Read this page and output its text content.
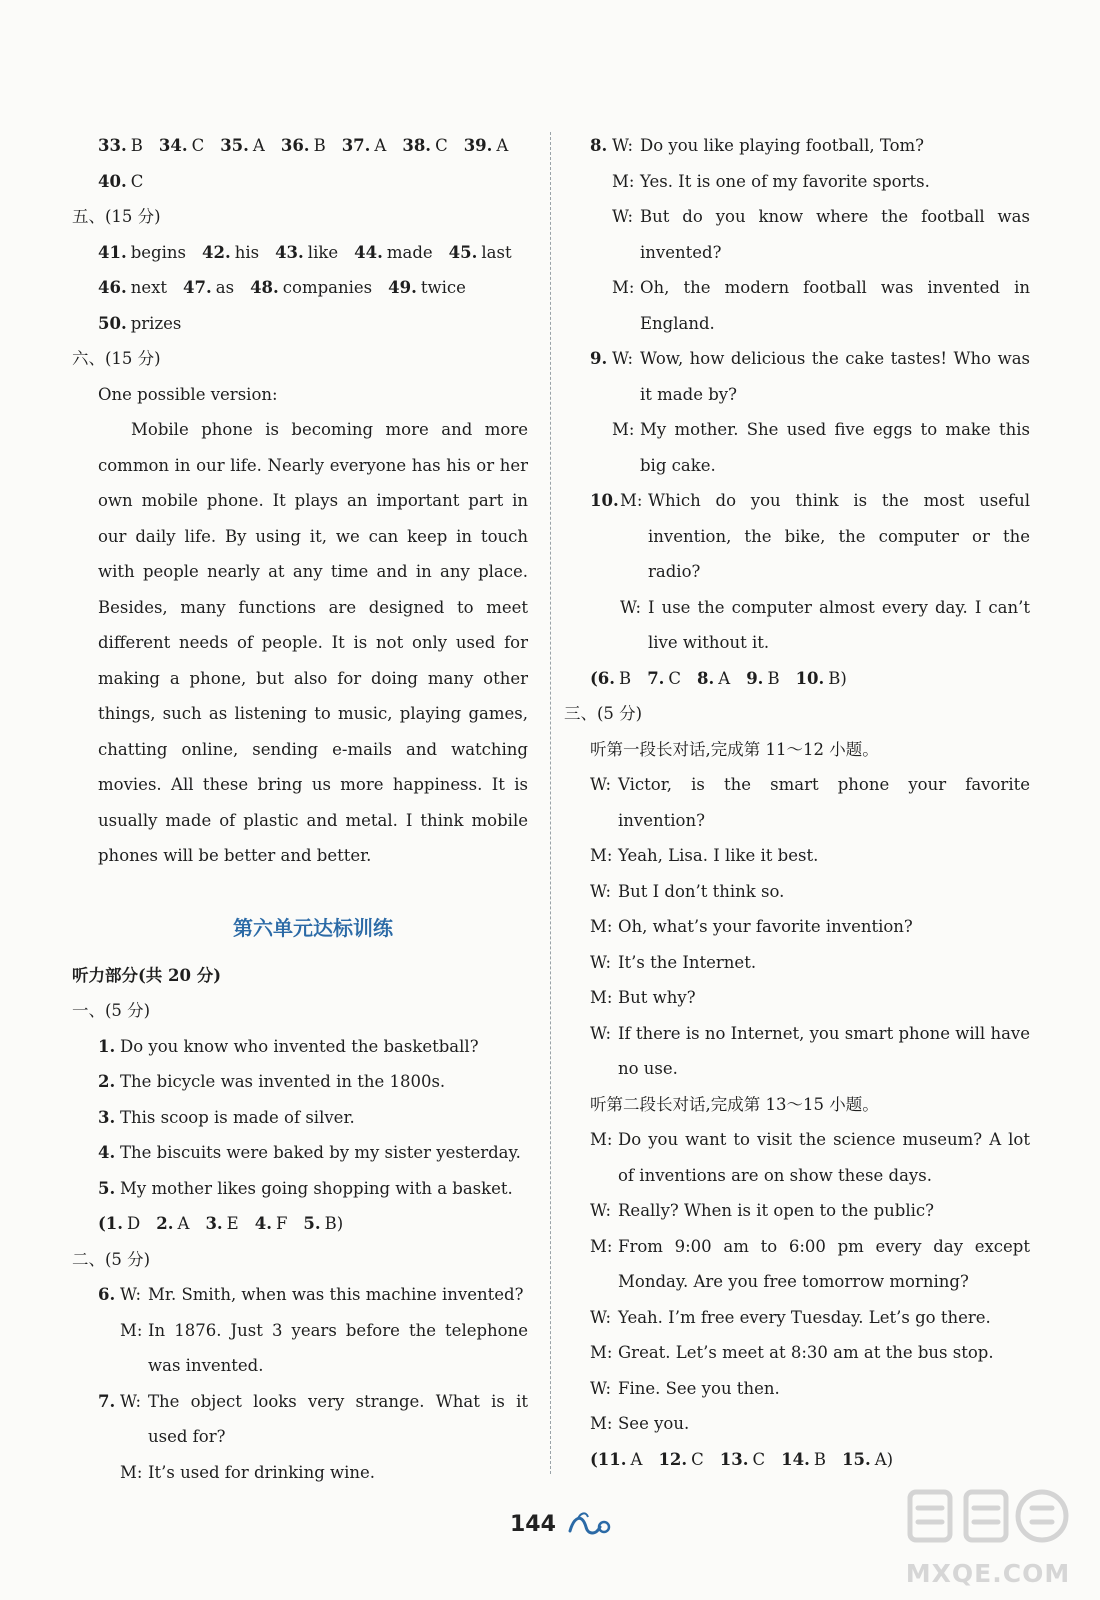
33. B 34. C 35. A 36. B 37. A 38. C 39. A
40. C
五、(15 分)
41. begins 42. his 43. like 44. made 45. last
46. next 47. as 48. companies 49. twice
50. prizes
六、(15 分)
One possible version:

Mobile phone is becoming more and more common in our life. Nearly everyone has his or her own mobile phone. It plays an important part in our daily life. By using it, we can keep in touch with people nearly at any time and in any place. Besides, many functions are designed to meet different needs of people. It is not only used for making a phone, but also for doing many other things, such as listening to music, playing games, chatting online, sending e-mails and watching movies. All these bring us more happiness. It is usually made of plastic and metal. I think mobile phones will be better and better.

第六单元达标训练
听力部分(共 20 分)
一、(5 分)
1. Do you know who invented the basketball?
2. The bicycle was invented in the 1800s.
3. This scoop is made of silver.
4. The biscuits were baked by my sister yesterday.
5. My mother likes going shopping with a basket.
(1. D 2. A 3. E 4. F 5. B)
二、(5 分)
6. W: Mr. Smith, when was this machine invented?
M: In 1876. Just 3 years before the telephone was invented.
7. W: The object looks very strange. What is it used for?
M: It’s used for drinking wine.
8. W: Do you like playing football, Tom?
M: Yes. It is one of my favorite sports.
W: But do you know where the football was invented?
M: Oh, the modern football was invented in England.
9. W: Wow, how delicious the cake tastes! Who was it made by?
M: My mother. She used five eggs to make this big cake.
10.M: Which do you think is the most useful invention, the bike, the computer or the radio?
W: I use the computer almost every day. I can’t live without it.
(6. B 7. C 8. A 9. B 10. B)
三、(5 分)
听第一段长对话,完成第 11～12 小题。
W: Victor, is the smart phone your favorite invention?
M: Yeah, Lisa. I like it best.
W: But I don’t think so.
M: Oh, what’s your favorite invention?
W: It’s the Internet.
M: But why?
W: If there is no Internet, you smart phone will have no use.
听第二段长对话,完成第 13～15 小题。
M: Do you want to visit the science museum? A lot of inventions are on show these days.
W: Really? When is it open to the public?
M: From 9:00 am to 6:00 pm every day except Monday. Are you free tomorrow morning?
W: Yeah. I’m free every Tuesday. Let’s go there.
M: Great. Let’s meet at 8:30 am at the bus stop.
W: Fine. See you then.
M: See you.
(11. A 12. C 13. C 14. B 15. A)
144
MXQE.COM
